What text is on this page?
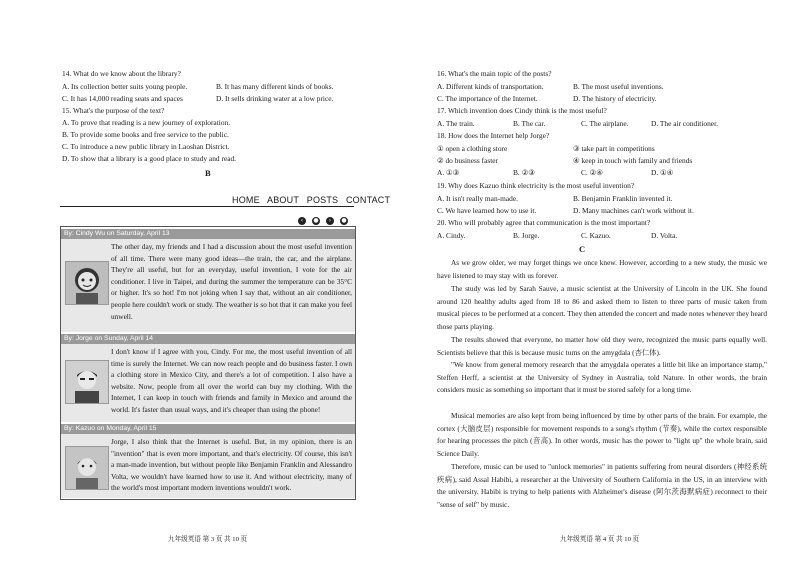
14. What do we know about the library?
A. Its collection better suits young people.	B. It has many different kinds of books.
C. It has 14,000 reading seats and spaces	D. It sells drinking water at a low price.
15. What's the purpose of the text?
A. To prove that reading is a new journey of exploration.
B. To provide some books and free service to the public.
C. To introduce a new public library in Laoshan District.
D. To show that a library is a good place to study and read.
B
HOME ABOUT POSTS CONTACT
‹ ● › ●
By: Cindy Wu on Saturday, April 13
The other day, my friends and I had a discussion about the most useful invention of all time. There were many good ideas—the train, the car, and the airplane. They're all useful, but for an everyday, useful invention, I vote for the air conditioner. I live in Taipei, and during the summer the temperature can be 35°C or higher. It's so hot! I'm not joking when I say that, without an air conditioner, people here couldn't work or study. The weather is so hot that it can make you feel unwell.
By: Jorge on Sunday, April 14
I don't know if I agree with you, Cindy. For me, the most useful invention of all time is surely the Internet. We can now reach people and do business faster. I own a clothing store in Mexico City, and there's a lot of competition. I also have a website. Now, people from all over the world can buy my clothing. With the Internet, I can keep in touch with friends and family in Mexico and around the world. It's faster than usual ways, and it's cheaper than using the phone!
By: Kazuo on Monday, April 15
Jorge, I also think that the Internet is useful. But, in my opinion, there is an "invention" that is even more important, and that's electricity. Of course, this isn't a man-made invention, but without people like Benjamin Franklin and Alessandro Volta, we wouldn't have learned how to use it. And without electricity, many of the world's most important modern inventions wouldn't work.
九年级英语 第 3 页 共 10 页
16. What's the main topic of the posts?
A. Different kinds of transportation.	B. The most useful inventions.
C. The importance of the Internet.	D. The history of electricity.
17. Which invention does Cindy think is the most useful?
A. The train.	B. The car.	C. The airplane.	D. The air conditioner.
18. How does the Internet help Jorge?
① open a clothing store	③ take part in competitions
② do business faster	④ keep in touch with family and friends
A. ①③	B. ②③	C. ②④	D. ①④
19. Why does Kazuo think electricity is the most useful invention?
A. It isn't really man-made.	B. Benjamin Franklin invented it.
C. We have learned how to use it.	D. Many machines can't work without it.
20. Who will probably agree that communication is the most important?
A. Cindy.	B. Jorge.	C. Kazuo.	D. Volta.
C
As we grow older, we may forget things we once knew. However, according to a new study, the music we have listened to may stay with us forever.
The study was led by Sarah Sauve, a music scientist at the University of Lincoln in the UK. She found around 120 healthy adults aged from 18 to 86 and asked them to listen to three parts of music taken from musical pieces to be performed at a concert. They then attended the concert and made notes whenever they heard those parts playing.
The results showed that everyone, no matter how old they were, recognized the music parts equally well. Scientists believe that this is because music turns on the amygdala (杏仁体).
"We know from general memory research that the amygdala operates a little bit like an importance stamp," Steffen Herff, a scientist at the University of Sydney in Australia, told Nature. In other words, the brain considers music as something so important that it must be stored safely for a long time.
Musical memories are also kept from being influenced by time by other parts of the brain. For example, the cortex (大脑皮层) responsible for movement responds to a song's rhythm (节奏), while the cortex responsible for hearing processes the pitch (音高). In other words, music has the power to "light up" the whole brain, said Science Daily.
Therefore, music can be used to "unlock memories" in patients suffering from neural disorders (神经系统疾病), said Assal Habibi, a researcher at the University of Southern California in the US, in an interview with the university. Habibi is trying to help patients with Alzheimer's disease (阿尔茨海默病症) reconnect to their "sense of self" by music.
九年级英语 第 4 页 共 10 页
